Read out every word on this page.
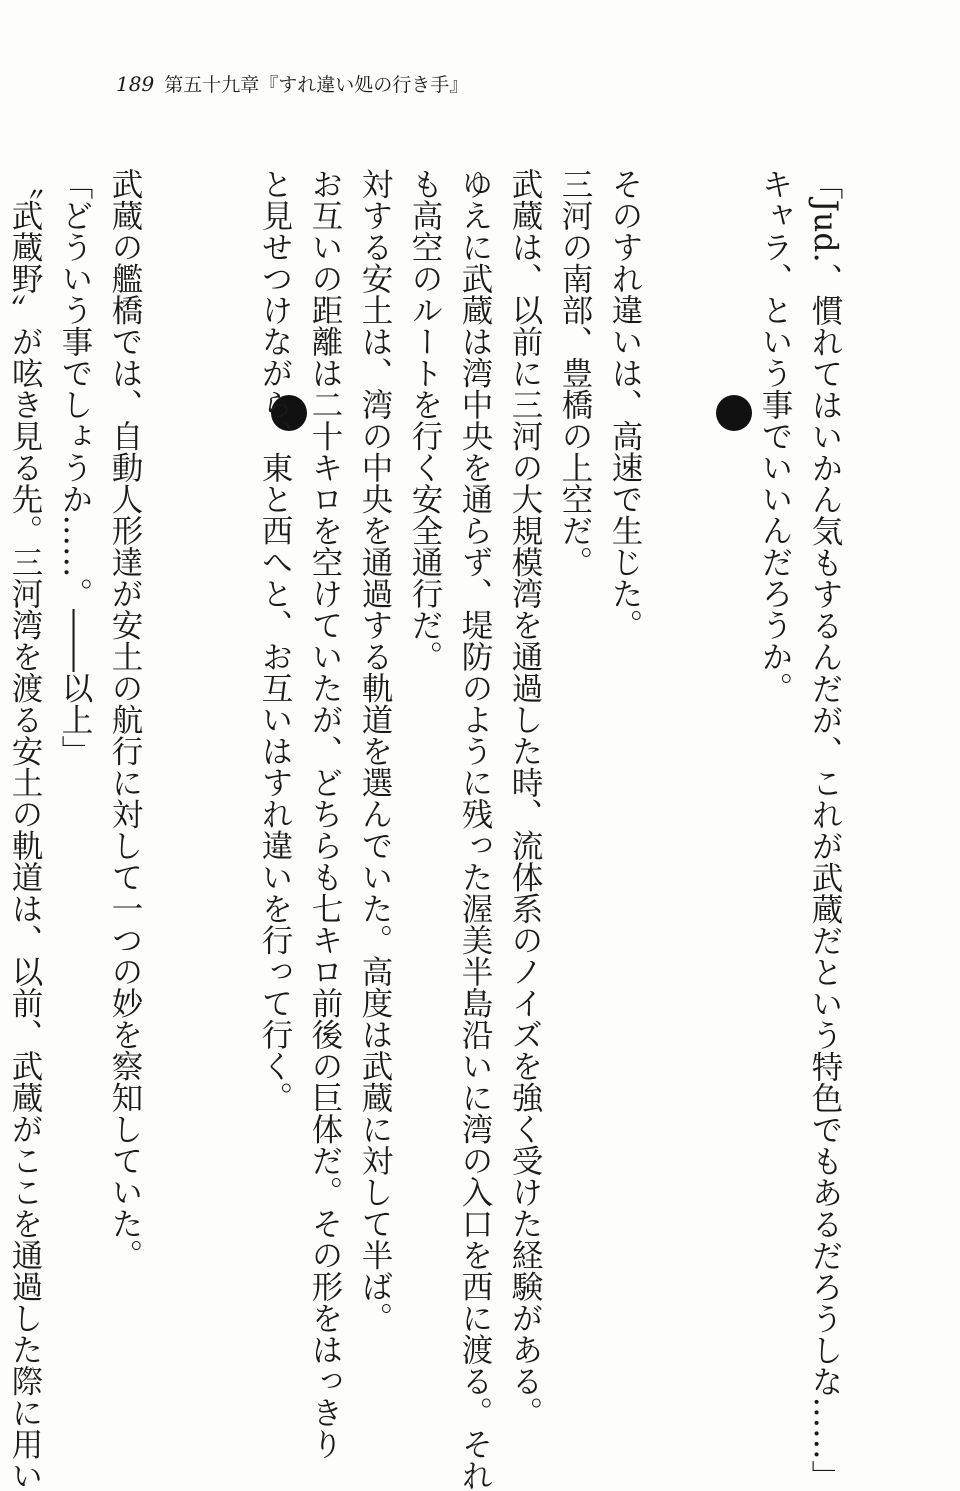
189 第五十九章『すれ違い処の行き手』

「Jud.、慣れてはいかん気もするんだが、これが武蔵だという特色でもあるだろうしな……」

キャラ、という事でいいんだろうか。

そのすれ違いは、高速で生じた。

三河の南部、豊橋の上空だ。

武蔵は、以前に三河の大規模湾を通過した時、流体系のノイズを強く受けた経験がある。

ゆえに武蔵は湾中央を通らず、堤防のように残った渥美半島沿いに湾の入口を西に渡る。それ

も高空のルートを行く安全通行だ。

対する安土は、湾の中央を通過する軌道を選んでいた。高度は武蔵に対して半ば。

お互いの距離は二十キロを空けていたが、どちらも七キロ前後の巨体だ。その形をはっきり

と見せつけながら、東と西へと、お互いはすれ違いを行って行く。

武蔵の艦橋では、自動人形達が安土の航行に対して一つの妙を察知していた。

「どういう事でしょうか……。――以上」

〝武蔵野〟が呟き見る先。三河湾を渡る安土の軌道は、以前、武蔵がここを通過した際に用い
